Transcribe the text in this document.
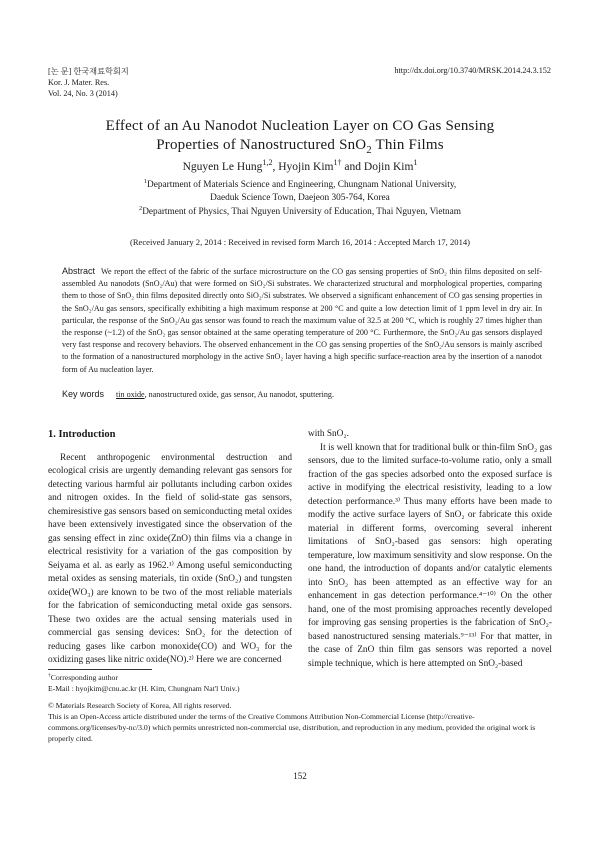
[논 문] 한국재료학회지
Kor. J. Mater. Res.
Vol. 24, No. 3 (2014)
http://dx.doi.org/10.3740/MRSK.2014.24.3.152
Effect of an Au Nanodot Nucleation Layer on CO Gas Sensing
Properties of Nanostructured SnO$_2$ Thin Films
Nguyen Le Hung$^{1,2}$, Hyojin Kim$^{1\dagger}$ and Dojin Kim$^1$
$^1$Department of Materials Science and Engineering, Chungnam National University,
Daeduk Science Town, Daejeon 305-764, Korea
$^2$Department of Physics, Thai Nguyen University of Education, Thai Nguyen, Vietnam
(Received January 2, 2014 : Received in revised form March 16, 2014 : Accepted March 17, 2014)
Abstract We report the effect of the fabric of the surface microstructure on the CO gas sensing properties of SnO₂ thin films deposited on self-assembled Au nanodots (SnO₂/Au) that were formed on SiO₂/Si substrates. We characterized structural and morphological properties, comparing them to those of SnO₂ thin films deposited directly onto SiO₂/Si substrates. We observed a significant enhancement of CO gas sensing properties in the SnO₂/Au gas sensors, specifically exhibiting a high maximum response at 200 °C and quite a low detection limit of 1 ppm level in dry air. In particular, the response of the SnO₂/Au gas sensor was found to reach the maximum value of 32.5 at 200 °C, which is roughly 27 times higher than the response (~1.2) of the SnO₂ gas sensor obtained at the same operating temperature of 200 °C. Furthermore, the SnO₂/Au gas sensors displayed very fast response and recovery behaviors. The observed enhancement in the CO gas sensing properties of the SnO₂/Au sensors is mainly ascribed to the formation of a nanostructured morphology in the active SnO₂ layer having a high specific surface-reaction area by the insertion of a nanodot form of Au nucleation layer.
Key words tin oxide, nanostructured oxide, gas sensor, Au nanodot, sputtering.
1. Introduction

Recent anthropogenic environmental destruction and ecological crisis are urgently demanding relevant gas sensors for detecting various harmful air pollutants including carbon oxides and nitrogen oxides. In the field of solid-state gas sensors, chemiresistive gas sensors based on semiconducting metal oxides have been extensively investigated since the observation of the gas sensing effect in zinc oxide(ZnO) thin films via a change in electrical resistivity for a variation of the gas composition by Seiyama et al. as early as 1962.¹⁾ Among useful semiconducting metal oxides as sensing materials, tin oxide (SnO₂) and tungsten oxide(WO₃) are known to be two of the most reliable materials for the fabrication of semiconducting metal oxide gas sensors. These two oxides are the actual sensing materials used in commercial gas sensing devices: SnO₂ for the detection of reducing gases like carbon monoxide(CO) and WO₃ for the oxidizing gases like nitric oxide(NO).²⁾ Here we are concerned

with SnO₂.

It is well known that for traditional bulk or thin-film SnO₂ gas sensors, due to the limited surface-to-volume ratio, only a small fraction of the gas species adsorbed onto the exposed surface is active in modifying the electrical resistivity, leading to a low detection performance.³⁾ Thus many efforts have been made to modify the active surface layers of SnO₂ or fabricate this oxide material in different forms, overcoming several inherent limitations of SnO₂-based gas sensors: high operating temperature, low maximum sensitivity and slow response. On the one hand, the introduction of dopants and/or catalytic elements into SnO₂ has been attempted as an effective way for an enhancement in gas detection performance.⁴⁻¹⁰⁾ On the other hand, one of the most promising approaches recently developed for improving gas sensing properties is the fabrication of SnO₂-based nanostructured sensing materials.⁹⁻¹³⁾ For that matter, in the case of ZnO thin film gas sensors was reported a novel simple technique, which is here attempted on SnO₂-based

†Corresponding author

E-Mail : hyojkim@cnu.ac.kr (H. Kim, Chungnam Nat'l Univ.)

© Materials Research Society of Korea, All rights reserved.

This is an Open-Access article distributed under the terms of the Creative Commons Attribution Non-Commercial License (http://creativecommons.org/licenses/by-nc/3.0) which permits unrestricted non-commercial use, distribution, and reproduction in any medium, provided the original work is properly cited.

152
